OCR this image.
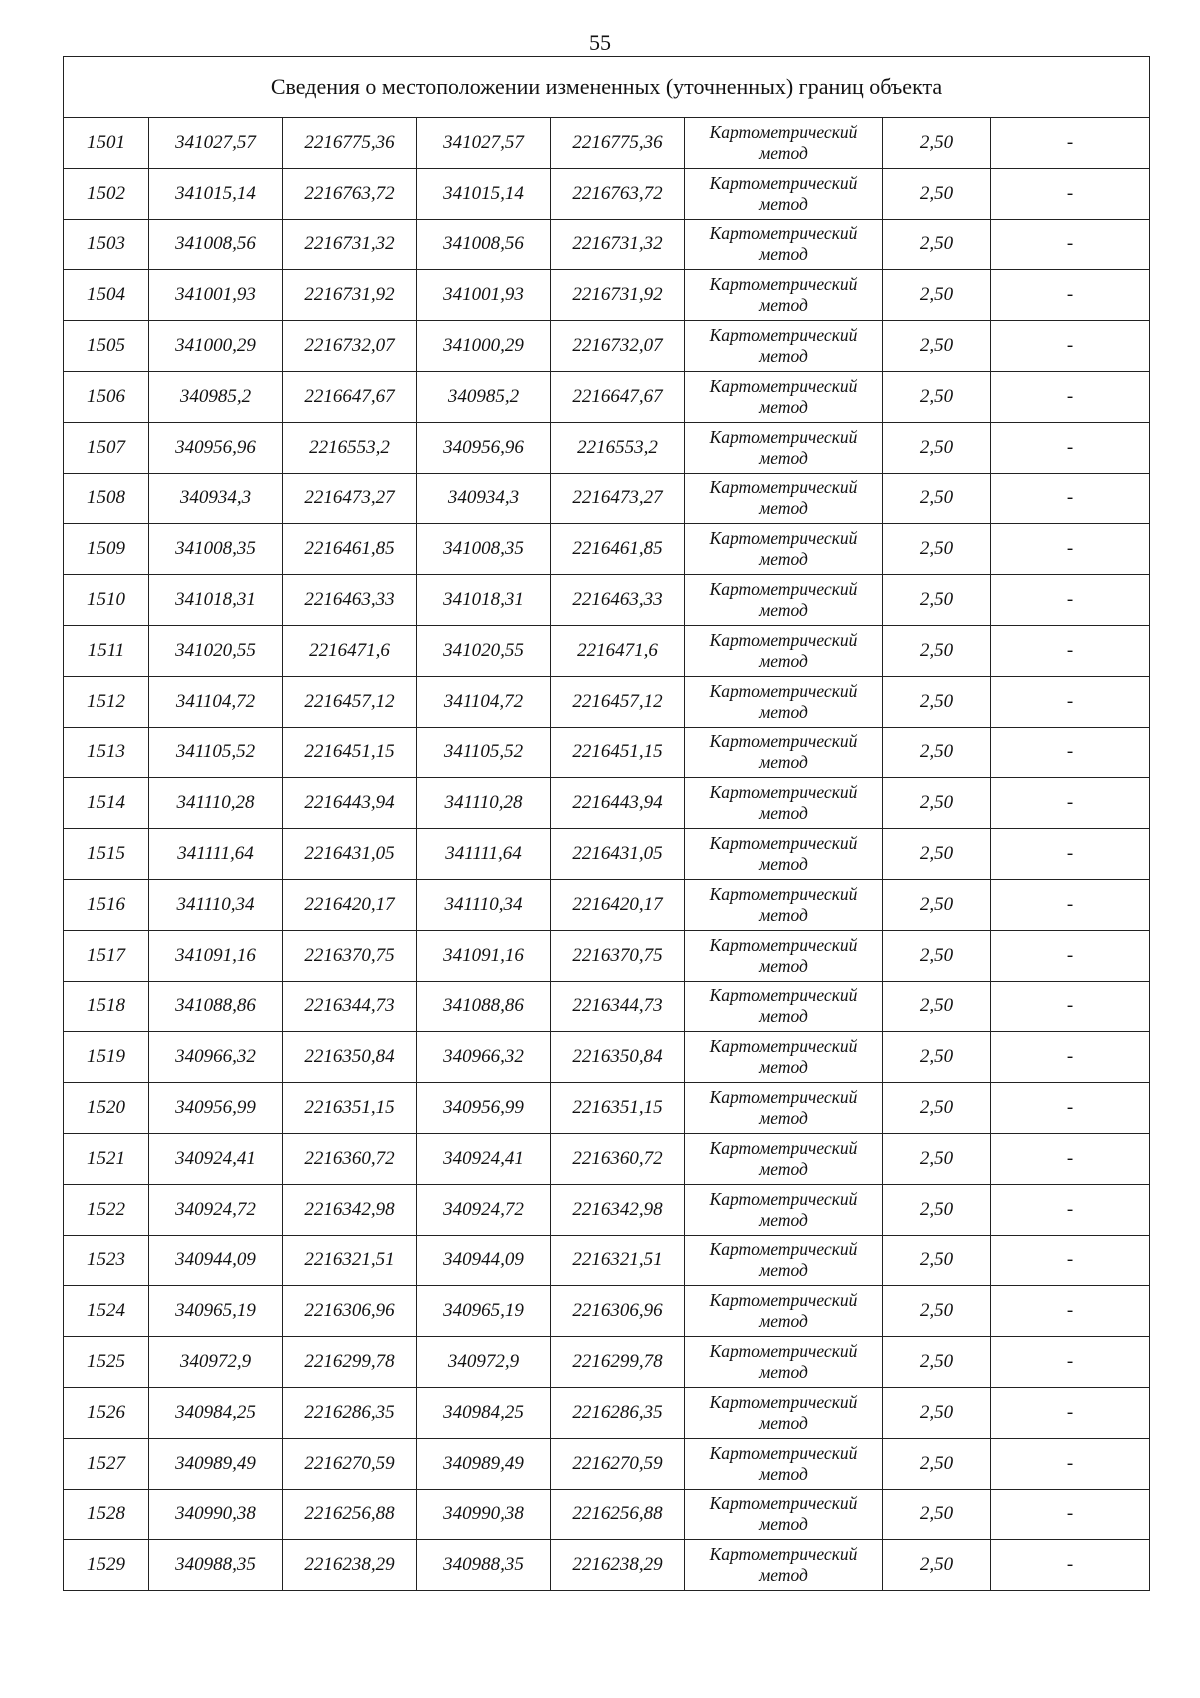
55
Сведения о местоположении измененных (уточненных) границ объекта							
1501	341027,57	2216775,36	341027,57	2216775,36	Картометрический
метод	2,50	-
1502	341015,14	2216763,72	341015,14	2216763,72	Картометрический
метод	2,50	-
1503	341008,56	2216731,32	341008,56	2216731,32	Картометрический
метод	2,50	-
1504	341001,93	2216731,92	341001,93	2216731,92	Картометрический
метод	2,50	-
1505	341000,29	2216732,07	341000,29	2216732,07	Картометрический
метод	2,50	-
1506	340985,2	2216647,67	340985,2	2216647,67	Картометрический
метод	2,50	-
1507	340956,96	2216553,2	340956,96	2216553,2	Картометрический
метод	2,50	-
1508	340934,3	2216473,27	340934,3	2216473,27	Картометрический
метод	2,50	-
1509	341008,35	2216461,85	341008,35	2216461,85	Картометрический
метод	2,50	-
1510	341018,31	2216463,33	341018,31	2216463,33	Картометрический
метод	2,50	-
1511	341020,55	2216471,6	341020,55	2216471,6	Картометрический
метод	2,50	-
1512	341104,72	2216457,12	341104,72	2216457,12	Картометрический
метод	2,50	-
1513	341105,52	2216451,15	341105,52	2216451,15	Картометрический
метод	2,50	-
1514	341110,28	2216443,94	341110,28	2216443,94	Картометрический
метод	2,50	-
1515	341111,64	2216431,05	341111,64	2216431,05	Картометрический
метод	2,50	-
1516	341110,34	2216420,17	341110,34	2216420,17	Картометрический
метод	2,50	-
1517	341091,16	2216370,75	341091,16	2216370,75	Картометрический
метод	2,50	-
1518	341088,86	2216344,73	341088,86	2216344,73	Картометрический
метод	2,50	-
1519	340966,32	2216350,84	340966,32	2216350,84	Картометрический
метод	2,50	-
1520	340956,99	2216351,15	340956,99	2216351,15	Картометрический
метод	2,50	-
1521	340924,41	2216360,72	340924,41	2216360,72	Картометрический
метод	2,50	-
1522	340924,72	2216342,98	340924,72	2216342,98	Картометрический
метод	2,50	-
1523	340944,09	2216321,51	340944,09	2216321,51	Картометрический
метод	2,50	-
1524	340965,19	2216306,96	340965,19	2216306,96	Картометрический
метод	2,50	-
1525	340972,9	2216299,78	340972,9	2216299,78	Картометрический
метод	2,50	-
1526	340984,25	2216286,35	340984,25	2216286,35	Картометрический
метод	2,50	-
1527	340989,49	2216270,59	340989,49	2216270,59	Картометрический
метод	2,50	-
1528	340990,38	2216256,88	340990,38	2216256,88	Картометрический
метод	2,50	-
1529	340988,35	2216238,29	340988,35	2216238,29	Картометрический
метод	2,50	-
